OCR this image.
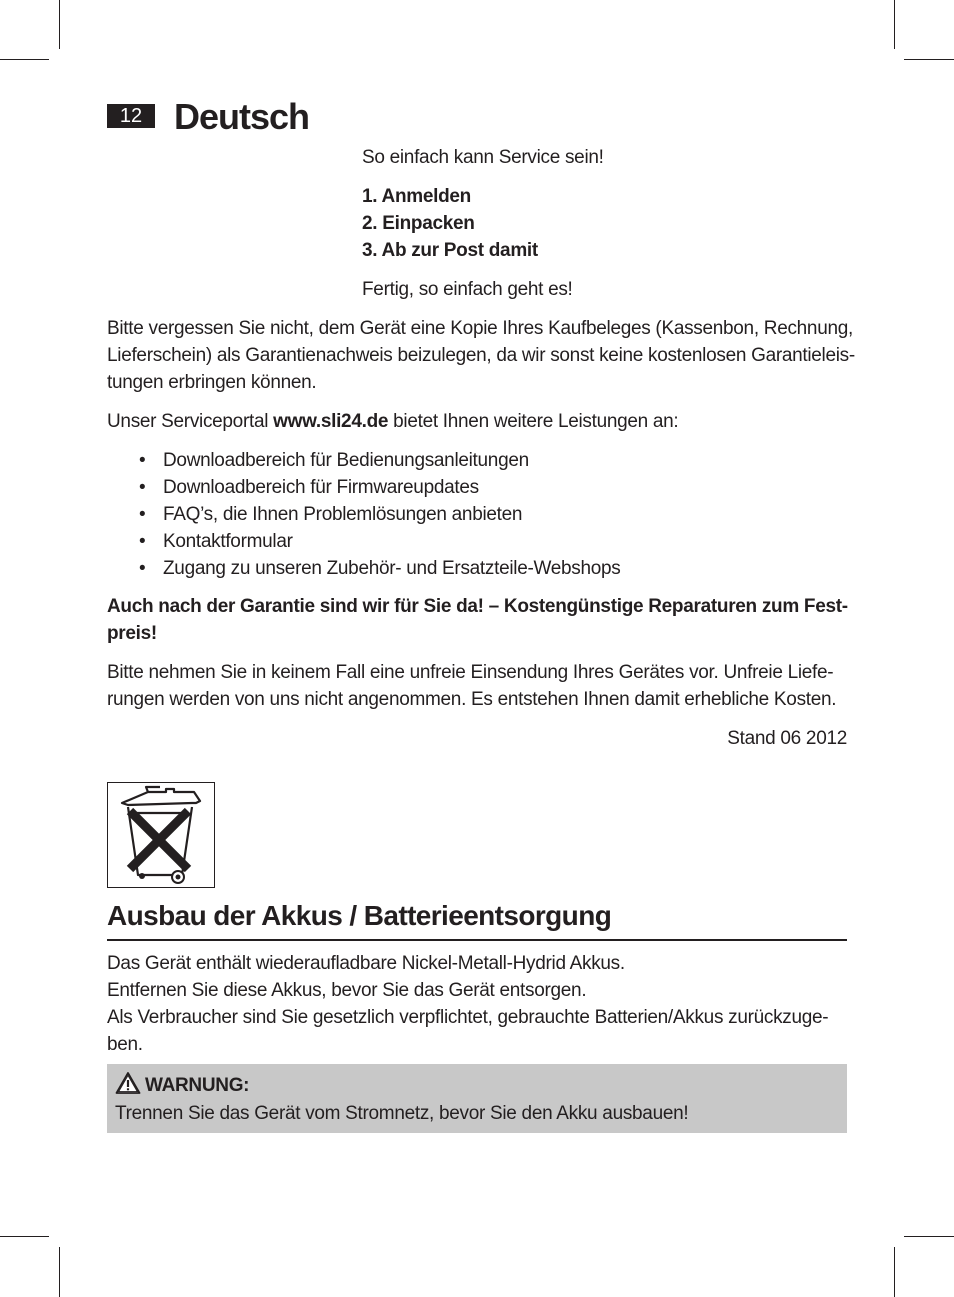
12 Deutsch
So einfach kann Service sein!
1. Anmelden
2. Einpacken
3. Ab zur Post damit
Fertig, so einfach geht es!
Bitte vergessen Sie nicht, dem Gerät eine Kopie Ihres Kaufbeleges (Kassenbon, Rechnung,
Lieferschein) als Garantienachweis beizulegen, da wir sonst keine kostenlosen Garantieleis-
tungen erbringen können.
Unser Serviceportal www.sli24.de bietet Ihnen weitere Leistungen an:
• Downloadbereich für Bedienungsanleitungen
• Downloadbereich für Firmwareupdates
• FAQ’s, die Ihnen Problemlösungen anbieten
• Kontaktformular
• Zugang zu unseren Zubehör- und Ersatzteile-Webshops
Auch nach der Garantie sind wir für Sie da! – Kostengünstige Reparaturen zum Fest-
preis!
Bitte nehmen Sie in keinem Fall eine unfreie Einsendung Ihres Gerätes vor. Unfreie Liefe-
rungen werden von uns nicht angenommen. Es entstehen Ihnen damit erhebliche Kosten.
Stand 06 2012
Ausbau der Akkus / Batterieentsorgung
Das Gerät enthält wiederaufladbare Nickel-Metall-Hydrid Akkus.
Entfernen Sie diese Akkus, bevor Sie das Gerät entsorgen.
Als Verbraucher sind Sie gesetzlich verpflichtet, gebrauchte Batterien/Akkus zurückzuge-
ben.
WARNUNG:
Trennen Sie das Gerät vom Stromnetz, bevor Sie den Akku ausbauen!
